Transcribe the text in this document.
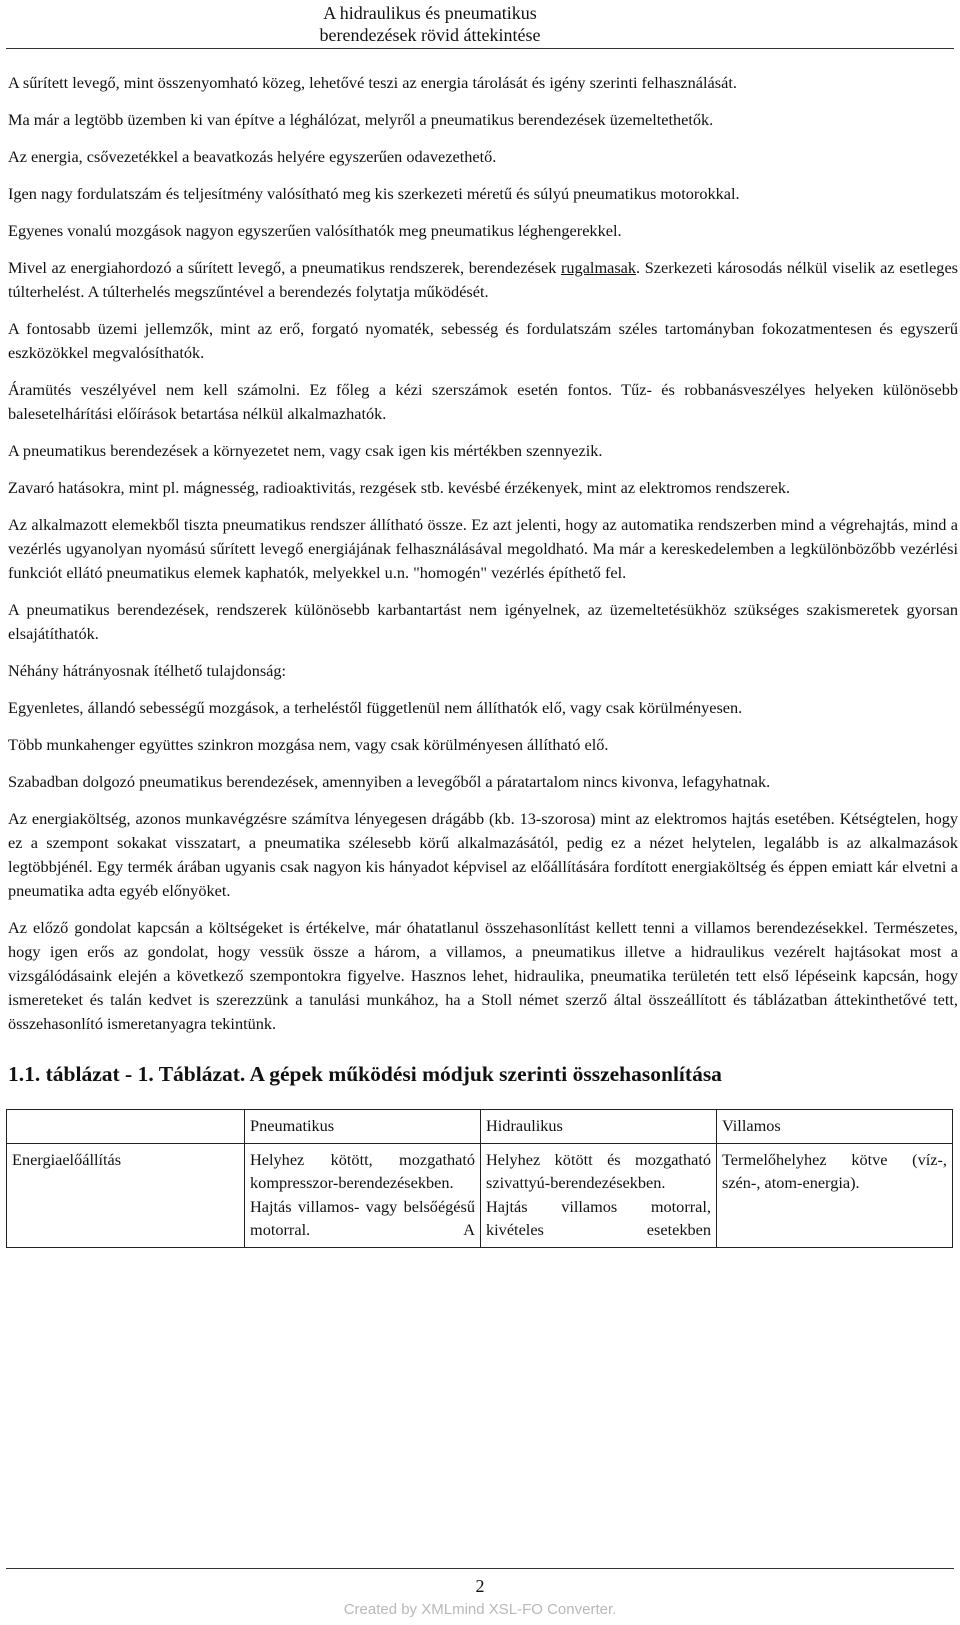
A hidraulikus és pneumatikus
berendezések rövid áttekintése

A sűrített levegő, mint összenyomható közeg, lehetővé teszi az energia tárolását és igény szerinti felhasználását.

Ma már a legtöbb üzemben ki van építve a léghálózat, melyről a pneumatikus berendezések üzemeltethetők.

Az energia, csővezetékkel a beavatkozás helyére egyszerűen odavezethető.

Igen nagy fordulatszám és teljesítmény valósítható meg kis szerkezeti méretű és súlyú pneumatikus motorokkal.

Egyenes vonalú mozgások nagyon egyszerűen valósíthatók meg pneumatikus léghengerekkel.

Mivel az energiahordozó a sűrített levegő, a pneumatikus rendszerek, berendezések rugalmasak. Szerkezeti károsodás nélkül viselik az esetleges túlterhelést. A túlterhelés megszűntével a berendezés folytatja működését.

A fontosabb üzemi jellemzők, mint az erő, forgató nyomaték, sebesség és fordulatszám széles tartományban fokozatmentesen és egyszerű eszközökkel megvalósíthatók.

Áramütés veszélyével nem kell számolni. Ez főleg a kézi szerszámok esetén fontos. Tűz- és robbanásveszélyes helyeken különösebb balesetelhárítási előírások betartása nélkül alkalmazhatók.

A pneumatikus berendezések a környezetet nem, vagy csak igen kis mértékben szennyezik.

Zavaró hatásokra, mint pl. mágnesség, radioaktivitás, rezgések stb. kevésbé érzékenyek, mint az elektromos rendszerek.

Az alkalmazott elemekből tiszta pneumatikus rendszer állítható össze. Ez azt jelenti, hogy az automatika rendszerben mind a végrehajtás, mind a vezérlés ugyanolyan nyomású sűrített levegő energiájának felhasználásával megoldható. Ma már a kereskedelemben a legkülönbözőbb vezérlési funkciót ellátó pneumatikus elemek kaphatók, melyekkel u.n. "homogén" vezérlés építhető fel.

A pneumatikus berendezések, rendszerek különösebb karbantartást nem igényelnek, az üzemeltetésükhöz szükséges szakismeretek gyorsan elsajátíthatók.

Néhány hátrányosnak ítélhető tulajdonság:

Egyenletes, állandó sebességű mozgások, a terheléstől függetlenül nem állíthatók elő, vagy csak körülményesen.

Több munkahenger együttes szinkron mozgása nem, vagy csak körülményesen állítható elő.

Szabadban dolgozó pneumatikus berendezések, amennyiben a levegőből a páratartalom nincs kivonva, lefagyhatnak.

Az energiaköltség, azonos munkavégzésre számítva lényegesen drágább (kb. 13-szorosa) mint az elektromos hajtás esetében. Kétségtelen, hogy ez a szempont sokakat visszatart, a pneumatika szélesebb körű alkalmazásától, pedig ez a nézet helytelen, legalább is az alkalmazások legtöbbjénél. Egy termék árában ugyanis csak nagyon kis hányadot képvisel az előállítására fordított energiaköltség és éppen emiatt kár elvetni a pneumatika adta egyéb előnyöket.

Az előző gondolat kapcsán a költségeket is értékelve, már óhatatlanul összehasonlítást kellett tenni a villamos berendezésekkel. Természetes, hogy igen erős az gondolat, hogy vessük össze a három, a villamos, a pneumatikus illetve a hidraulikus vezérelt hajtásokat most a vizsgálódásaink elején a következő szempontokra figyelve. Hasznos lehet, hidraulika, pneumatika területén tett első lépéseink kapcsán, hogy ismereteket és talán kedvet is szerezzünk a tanulási munkához, ha a Stoll német szerző által összeállított és táblázatban áttekinthetővé tett, összehasonlító ismeretanyagra tekintünk.

1.1. táblázat - 1. Táblázat. A gépek működési módjuk szerinti összehasonlítása
	Pneumatikus	Hidraulikus	Villamos
Energiaelőállítás	Helyhez kötött, mozgatható kompresszor-berendezésekben. Hajtás villamos- vagy belsőégésű motorral. A	Helyhez kötött és mozgatható szivattyú-berendezésekben. Hajtás villamos motorral, kivételes esetekben	Termelőhelyhez kötve (víz-, szén-, atom-energia).
2
Created by XMLmind XSL-FO Converter.
